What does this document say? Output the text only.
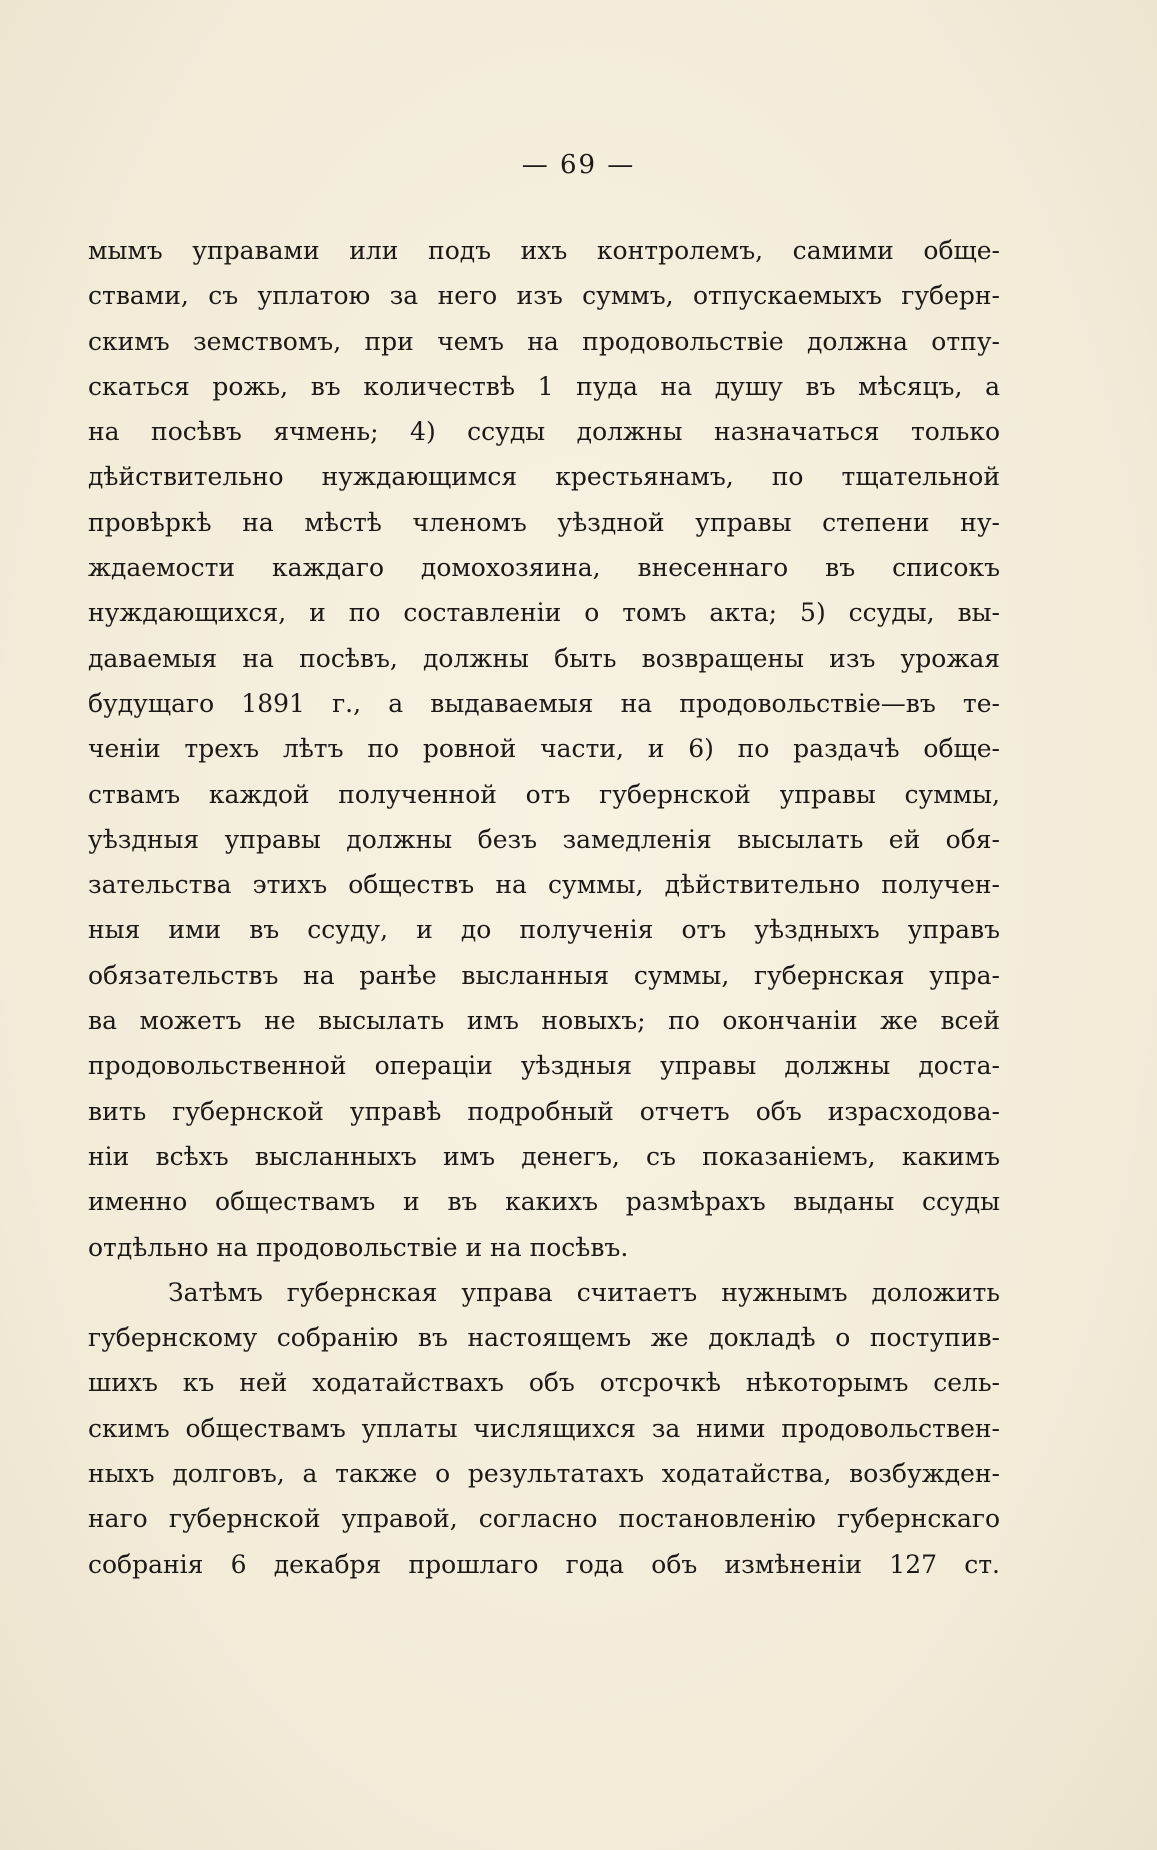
— 69 —
мымъ управами или подъ ихъ контролемъ, самими обще-
ствами, съ уплатою за него изъ суммъ, отпускаемыхъ губерн-
скимъ земствомъ, при чемъ на продовольствіе должна отпу-
скаться рожь, въ количествѣ 1 пуда на душу въ мѣсяцъ, а
на посѣвъ ячмень; 4) ссуды должны назначаться только
дѣйствительно нуждающимся крестьянамъ, по тщательной
провѣркѣ на мѣстѣ членомъ уѣздной управы степени ну-
ждаемости каждаго домохозяина, внесеннаго въ списокъ
нуждающихся, и по составленіи о томъ акта; 5) ссуды, вы-
даваемыя на посѣвъ, должны быть возвращены изъ урожая
будущаго 1891 г., а выдаваемыя на продовольствіе—въ те-
ченіи трехъ лѣтъ по ровной части, и 6) по раздачѣ обще-
ствамъ каждой полученной отъ губернской управы суммы,
уѣздныя управы должны безъ замедленія высылать ей обя-
зательства этихъ обществъ на суммы, дѣйствительно получен-
ныя ими въ ссуду, и до полученія отъ уѣздныхъ управъ
обязательствъ на ранѣе высланныя суммы, губернская упра-
ва можетъ не высылать имъ новыхъ; по окончаніи же всей
продовольственной операціи уѣздныя управы должны доста-
вить губернской управѣ подробный отчетъ объ израсходова-
ніи всѣхъ высланныхъ имъ денегъ, съ показаніемъ, какимъ
именно обществамъ и въ какихъ размѣрахъ выданы ссуды
отдѣльно на продовольствіе и на посѣвъ.
Затѣмъ губернская управа считаетъ нужнымъ доложить
губернскому собранію въ настоящемъ же докладѣ о поступив-
шихъ къ ней ходатайствахъ объ отсрочкѣ нѣкоторымъ сель-
скимъ обществамъ уплаты числящихся за ними продовольствен-
ныхъ долговъ, а также о результатахъ ходатайства, возбужден-
наго губернской управой, согласно постановленію губернскаго
собранія 6 декабря прошлаго года объ измѣненіи 127 ст.
